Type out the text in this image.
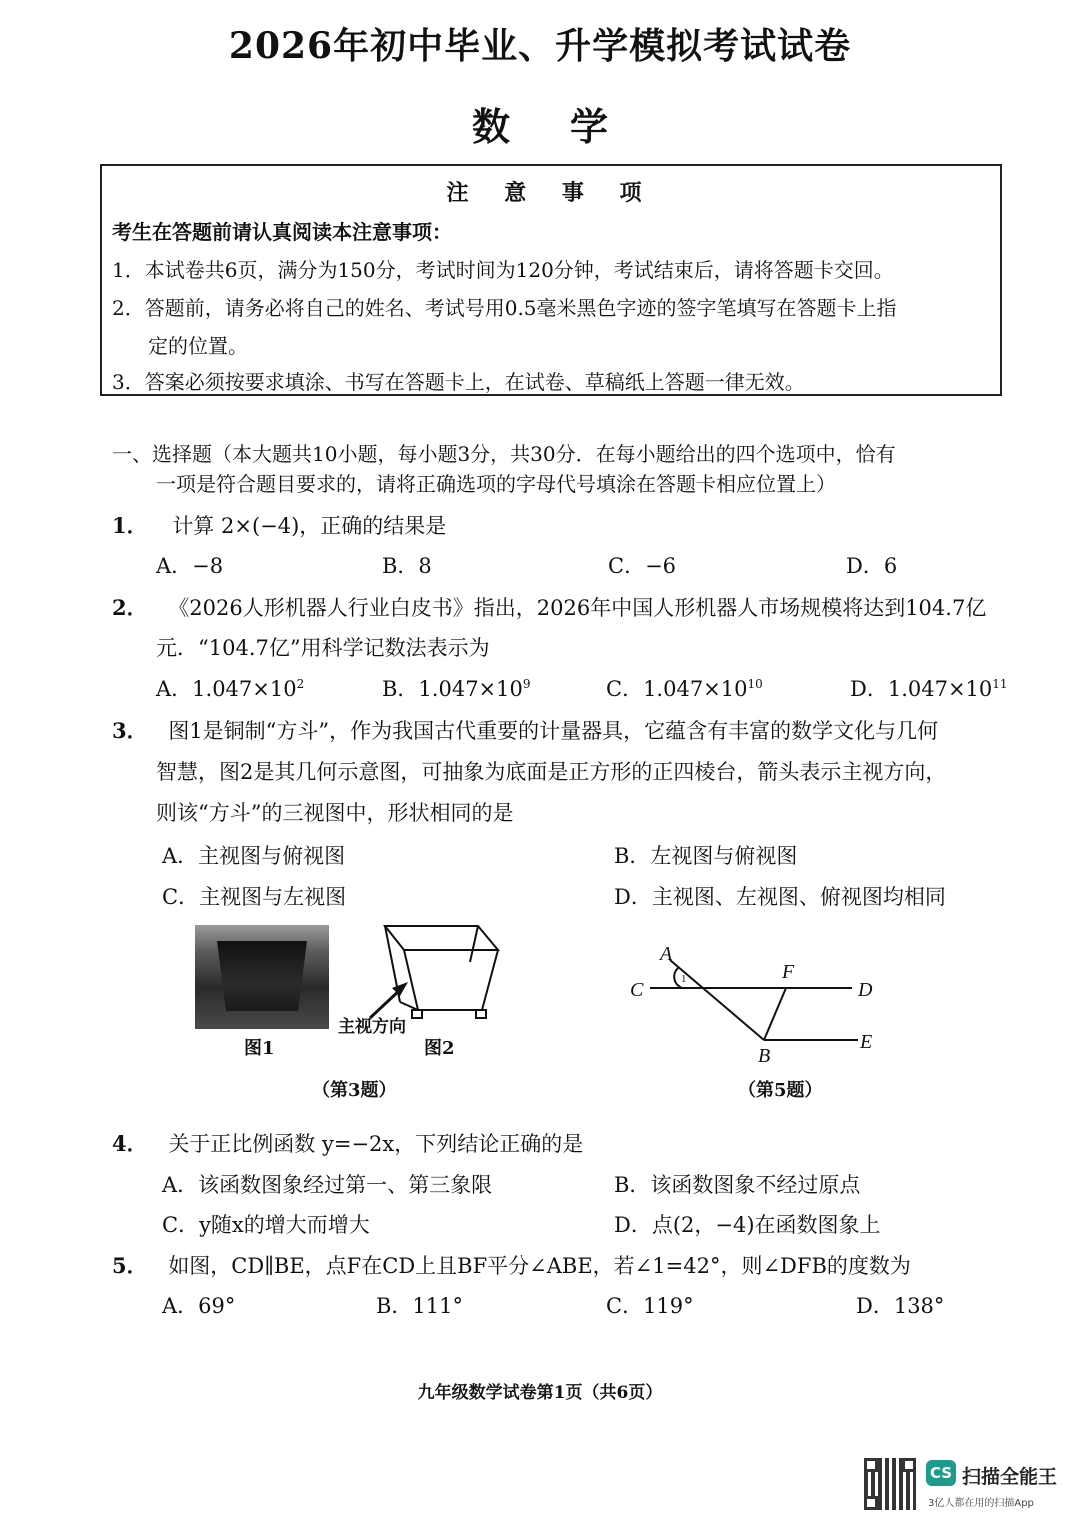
2026年初中毕业、升学模拟考试试卷
数学
注 意 事 项
考生在答题前请认真阅读本注意事项：
1．本试卷共6页，满分为150分，考试时间为120分钟，考试结束后，请将答题卡交回。
2．答题前，请务必将自己的姓名、考试号用0.5毫米黑色字迹的签字笔填写在答题卡上指
定的位置。
3．答案必须按要求填涂、书写在答题卡上，在试卷、草稿纸上答题一律无效。
一、选择题（本大题共10小题，每小题3分，共30分．在每小题给出的四个选项中，恰有
一项是符合题目要求的，请将正确选项的字母代号填涂在答题卡相应位置上）
1． 计算 2×(−4)，正确的结果是
A．−8	B．8	C．−6	D．6
2． 《2026人形机器人行业白皮书》指出，2026年中国人形机器人市场规模将达到104.7亿
元．“104.7亿”用科学记数法表示为
A．$1.047\times 10^2$	B．$1.047\times 10^9$	C．$1.047\times 10^{10}$	D．$1.047\times 10^{11}$
3． 图1是铜制“方斗”，作为我国古代重要的计量器具，它蕴含有丰富的数学文化与几何
智慧，图2是其几何示意图，可抽象为底面是正方形的正四棱台，箭头表示主视方向，
则该“方斗”的三视图中，形状相同的是
A．主视图与俯视图	B．左视图与俯视图
C．主视图与左视图	D．主视图、左视图、俯视图均相同
图1
主视方向
图2
（第3题）
A
C
F
D
B
E
1
（第5题）
4． 关于正比例函数 y=−2x，下列结论正确的是
A．该函数图象经过第一、第三象限	B．该函数图象不经过原点
C．y随x的增大而增大	D．点(2，−4)在函数图象上
5． 如图，CD∥BE，点F在CD上且BF平分∠ABE，若∠1=42°，则∠DFB的度数为
A．69°	B．111°	C．119°	D．138°
九年级数学试卷第1页（共6页）
CS 扫描全能王
3亿人都在用的扫描App
